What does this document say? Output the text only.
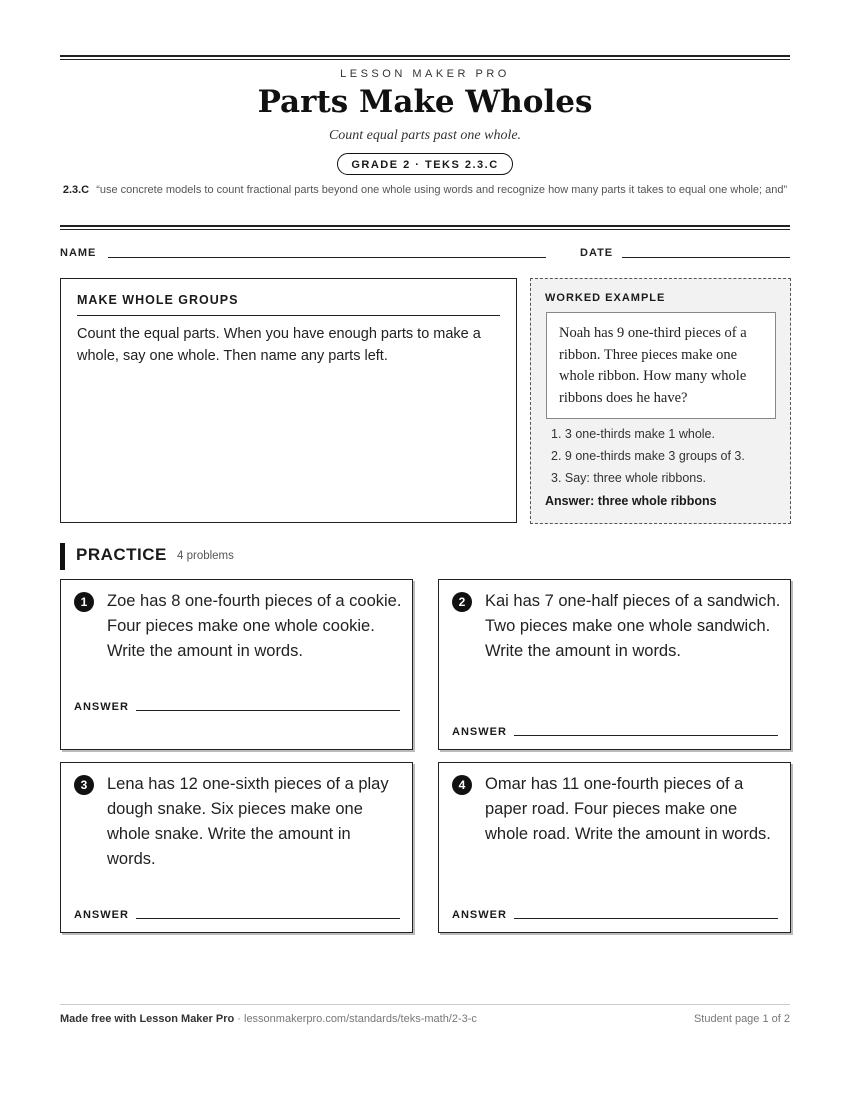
LESSON MAKER PRO
Parts Make Wholes
Count equal parts past one whole.
GRADE 2 · TEKS 2.3.C
2.3.C “use concrete models to count fractional parts beyond one whole using words and recognize how many parts it takes to equal one whole; and”
NAME	DATE
MAKE WHOLE GROUPS
Count the equal parts. When you have enough parts to make a whole, say one whole. Then name any parts left.
WORKED EXAMPLE
Noah has 9 one-third pieces of a ribbon. Three pieces make one whole ribbon. How many whole ribbons does he have?
1. 3 one-thirds make 1 whole.
2. 9 one-thirds make 3 groups of 3.
3. Say: three whole ribbons.
Answer: three whole ribbons
PRACTICE 4 problems
1	Zoe has 8 one-fourth pieces of a cookie. Four pieces make one whole cookie. Write the amount in words.
ANSWER
2	Kai has 7 one-half pieces of a sandwich. Two pieces make one whole sandwich. Write the amount in words.
ANSWER
3	Lena has 12 one-sixth pieces of a play dough snake. Six pieces make one whole snake. Write the amount in words.
ANSWER
4	Omar has 11 one-fourth pieces of a paper road. Four pieces make one whole road. Write the amount in words.
ANSWER
Made free with Lesson Maker Pro · lessonmakerpro.com/standards/teks-math/2-3-c	Student page 1 of 2
